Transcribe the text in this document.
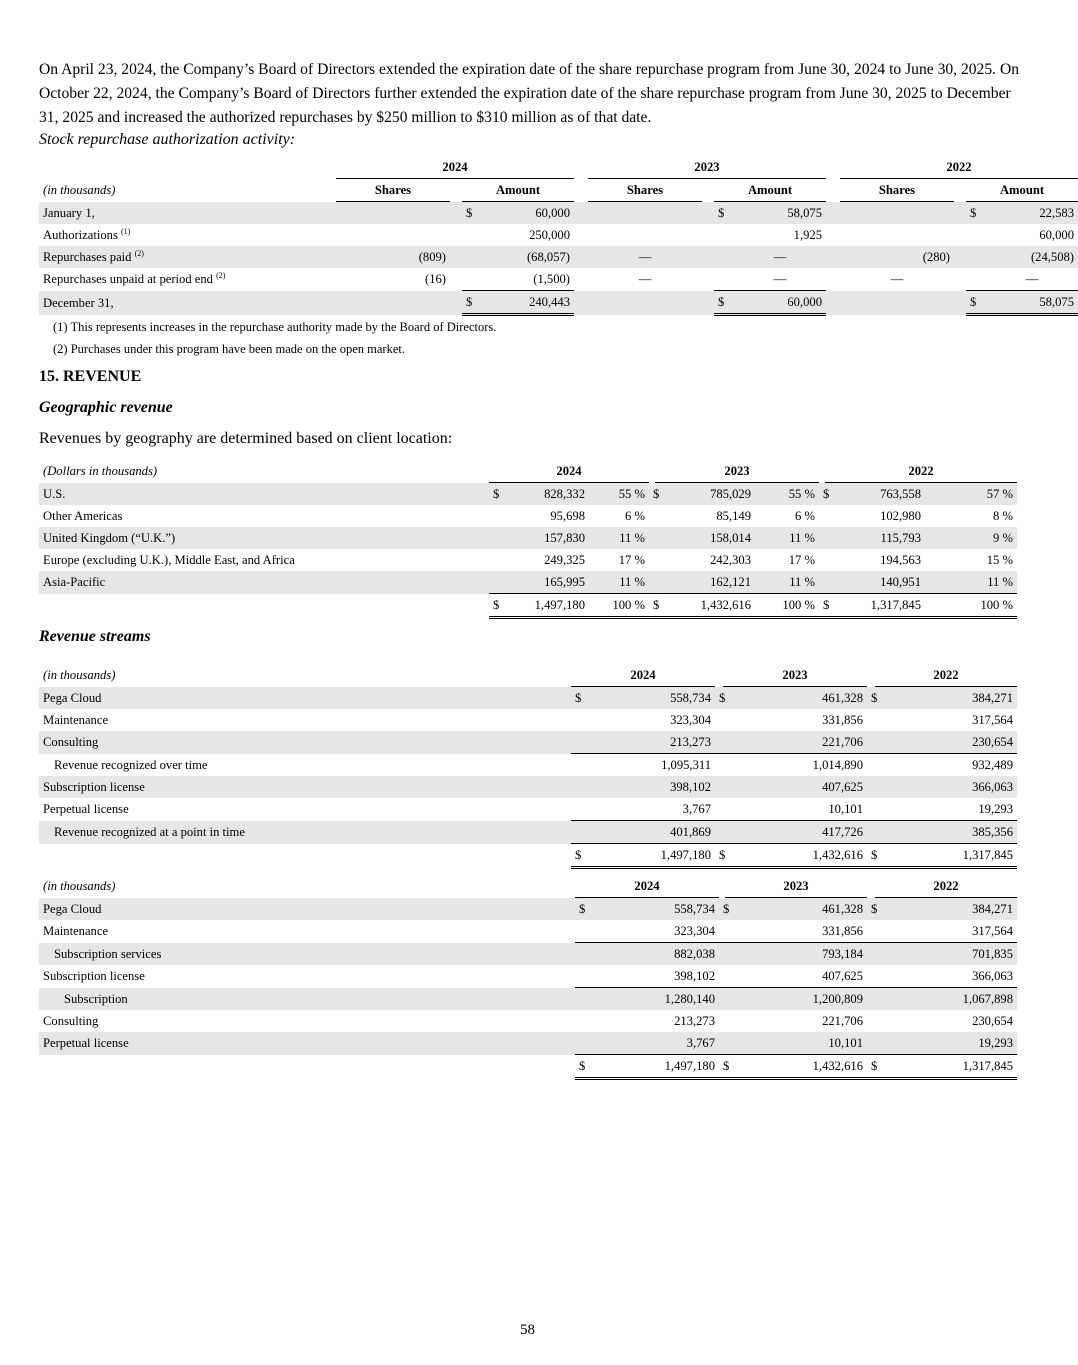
On April 23, 2024, the Company’s Board of Directors extended the expiration date of the share repurchase program from June 30, 2024 to June 30, 2025. On October 22, 2024, the Company’s Board of Directors further extended the expiration date of the share repurchase program from June 30, 2025 to December 31, 2025 and increased the authorized repurchases by $250 million to $310 million as of that date.

Stock repurchase authorization activity:

	2024					2023					2022			
(in thousands)	Shares		Amount			Shares		Amount			Shares		Amount	
January 1,			$	60,000				$	58,075				$	22,583
Authorizations $^{(1)}$				250,000					1,925					60,000
Repurchases paid $^{(2)}$	(809)			(68,057)		—			—		(280)			(24,508)
Repurchases unpaid at period end $^{(2)}$	(16)			(1,500)		—			—		—			—
December 31,			$	240,443				$	60,000				$	58,075

(1) This represents increases in the repurchase authority made by the Board of Directors.

(2) Purchases under this program have been made on the open market.

15. REVENUE

Geographic revenue

Revenues by geography are determined based on client location:

(Dollars in thousands)	2024				2023			2022	
U.S.	$	828,332	55 %	$	785,029	55 %	$	763,558	57 %
Other Americas		95,698	6 %		85,149	6 %		102,980	8 %
United Kingdom (“U.K.”)		157,830	11 %		158,014	11 %		115,793	9 %
Europe (excluding U.K.), Middle East, and Africa		249,325	17 %		242,303	17 %		194,563	15 %
Asia-Pacific		165,995	11 %		162,121	11 %		140,951	11 %
	$	1,497,180	100 %	$	1,432,616	100 %	$	1,317,845	100 %

Revenue streams

(in thousands)	2024			2023		2022
Pega Cloud	$	558,734	$	461,328	$	384,271
Maintenance		323,304		331,856		317,564
Consulting		213,273		221,706		230,654
Revenue recognized over time		1,095,311		1,014,890		932,489
Subscription license		398,102		407,625		366,063
Perpetual license		3,767		10,101		19,293
Revenue recognized at a point in time		401,869		417,726		385,356
	$	1,497,180	$	1,432,616	$	1,317,845
(in thousands)	2024			2023		2022
Pega Cloud	$	558,734	$	461,328	$	384,271
Maintenance		323,304		331,856		317,564
Subscription services		882,038		793,184		701,835
Subscription license		398,102		407,625		366,063
Subscription		1,280,140		1,200,809		1,067,898
Consulting		213,273		221,706		230,654
Perpetual license		3,767		10,101		19,293
	$	1,497,180	$	1,432,616	$	1,317,845
58
